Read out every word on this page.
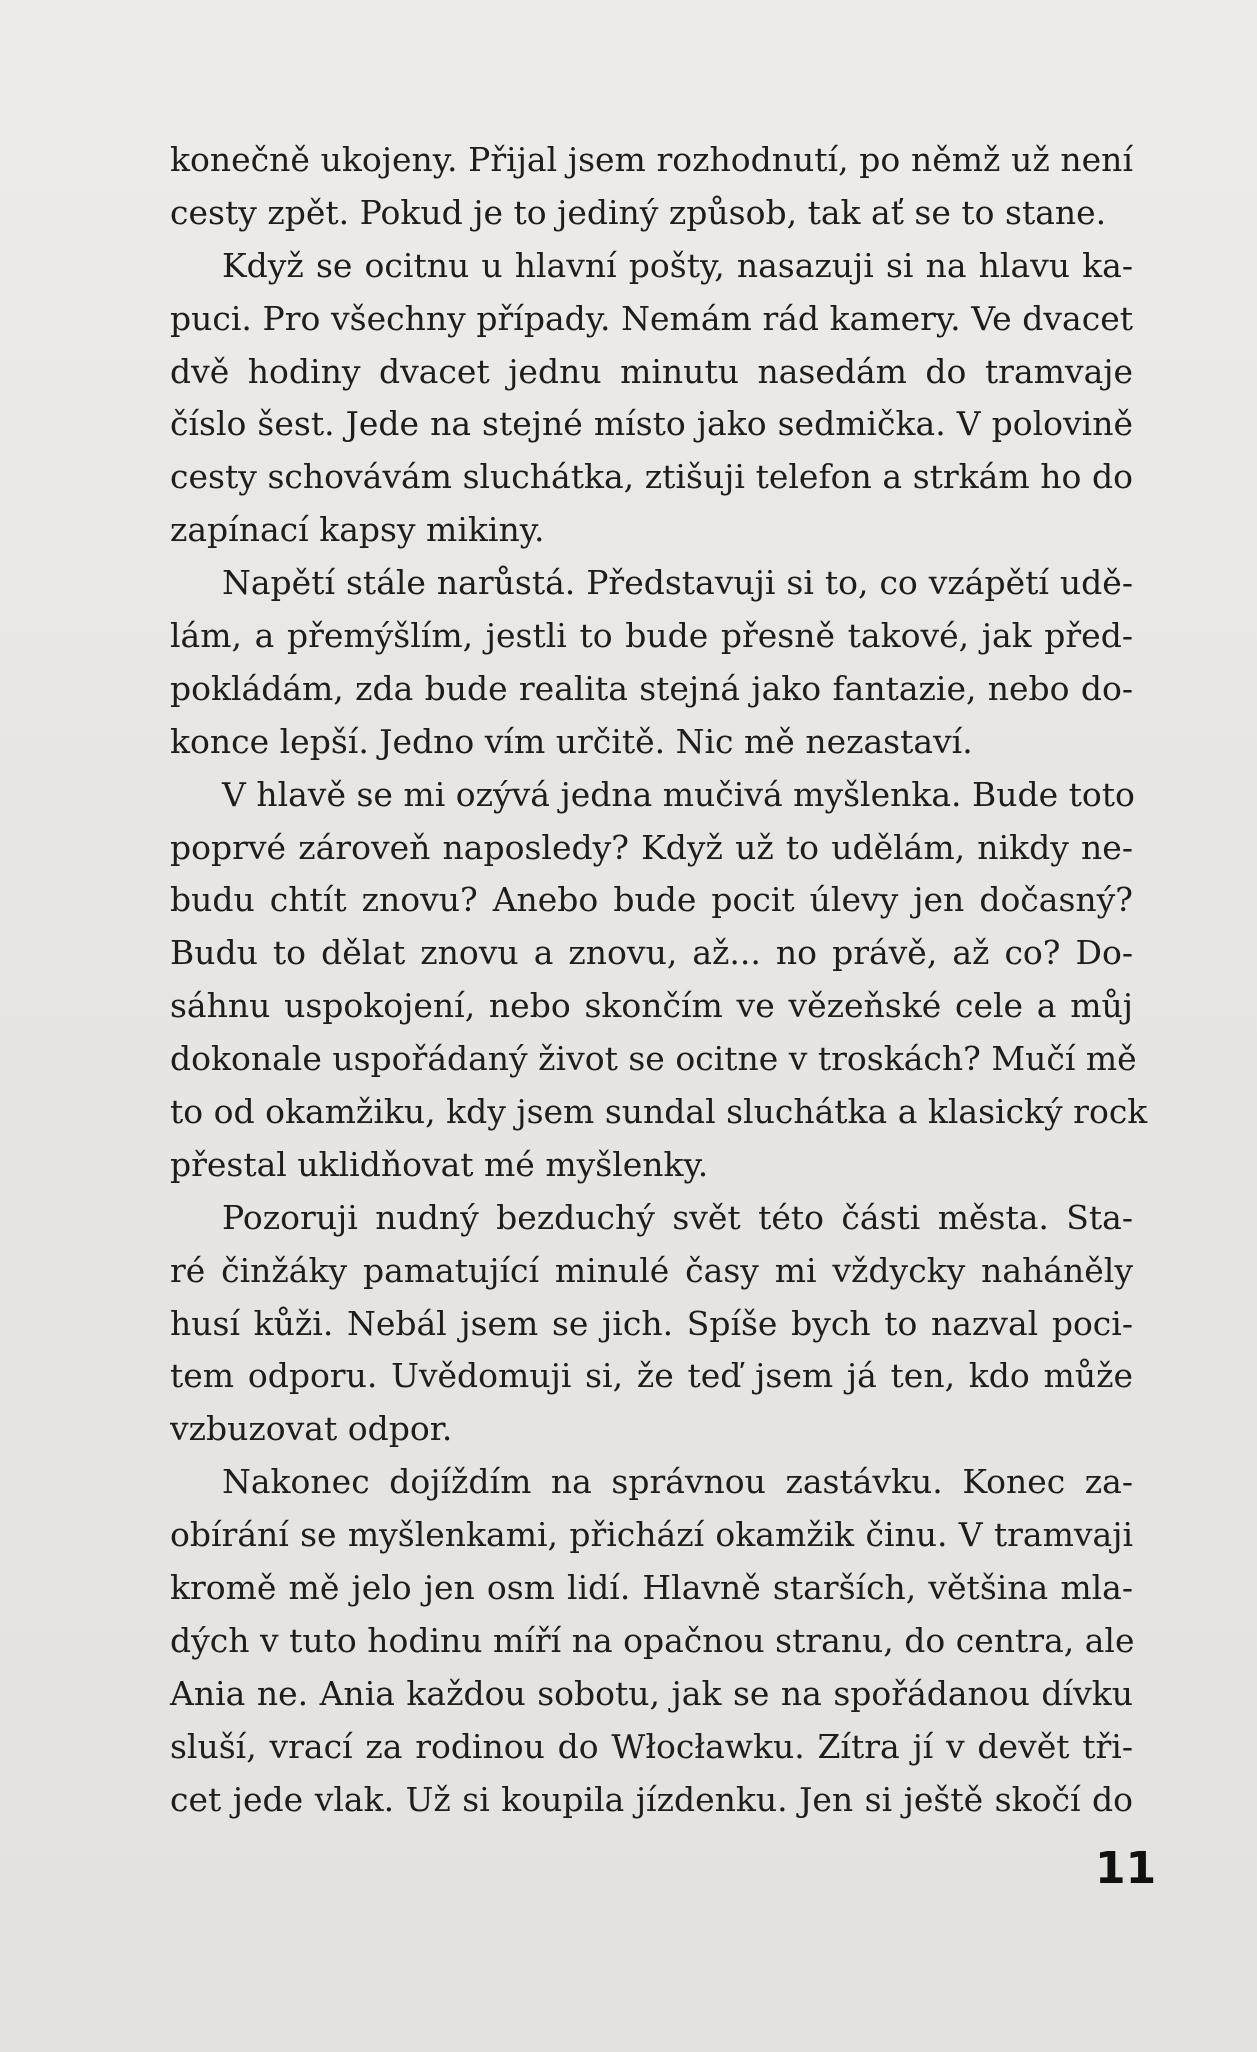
konečně ukojeny. Přijal jsem rozhodnutí, po němž už není
cesty zpět. Pokud je to jediný způsob, tak ať se to stane.
Když se ocitnu u hlavní pošty, nasazuji si na hlavu ka-
puci. Pro všechny případy. Nemám rád kamery. Ve dvacet
dvě hodiny dvacet jednu minutu nasedám do tramvaje
číslo šest. Jede na stejné místo jako sedmička. V polovině
cesty schovávám sluchátka, ztišuji telefon a strkám ho do
zapínací kapsy mikiny.
Napětí stále narůstá. Představuji si to, co vzápětí udě-
lám, a přemýšlím, jestli to bude přesně takové, jak před-
pokládám, zda bude realita stejná jako fantazie, nebo do-
konce lepší. Jedno vím určitě. Nic mě nezastaví.
V hlavě se mi ozývá jedna mučivá myšlenka. Bude toto
poprvé zároveň naposledy? Když už to udělám, nikdy ne-
budu chtít znovu? Anebo bude pocit úlevy jen dočasný?
Budu to dělat znovu a znovu, až... no právě, až co? Do-
sáhnu uspokojení, nebo skončím ve vězeňské cele a můj
dokonale uspořádaný život se ocitne v troskách? Mučí mě
to od okamžiku, kdy jsem sundal sluchátka a klasický rock
přestal uklidňovat mé myšlenky.
Pozoruji nudný bezduchý svět této části města. Sta-
ré činžáky pamatující minulé časy mi vždycky naháněly
husí kůži. Nebál jsem se jich. Spíše bych to nazval poci-
tem odporu. Uvědomuji si, že teď jsem já ten, kdo může
vzbuzovat odpor.
Nakonec dojíždím na správnou zastávku. Konec za-
obírání se myšlenkami, přichází okamžik činu. V tramvaji
kromě mě jelo jen osm lidí. Hlavně starších, většina mla-
dých v tuto hodinu míří na opačnou stranu, do centra, ale
Ania ne. Ania každou sobotu, jak se na spořádanou dívku
sluší, vrací za rodinou do Włocławku. Zítra jí v devět tři-
cet jede vlak. Už si koupila jízdenku. Jen si ještě skočí do
11
